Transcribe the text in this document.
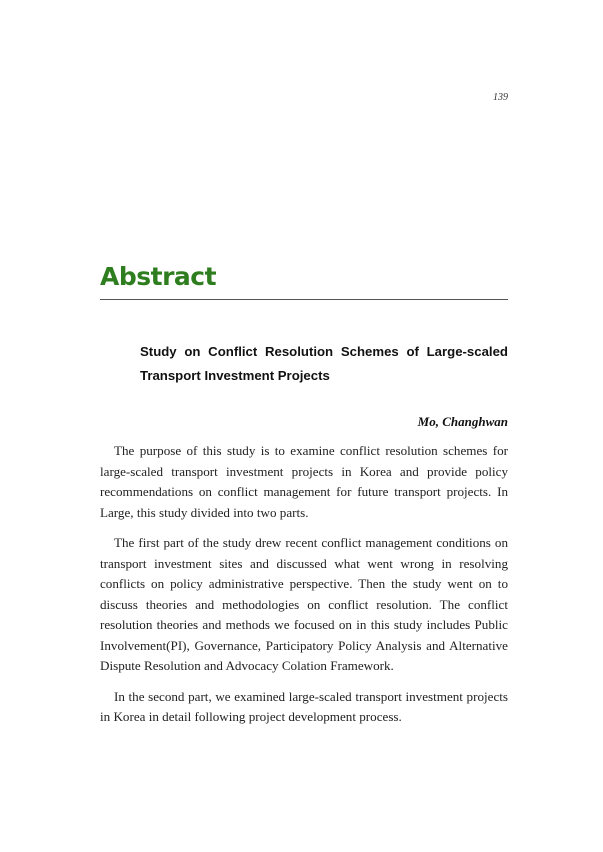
139
Abstract
Study on Conflict Resolution Schemes of Large-scaled
Transport Investment Projects
Mo, Changhwan

The purpose of this study is to examine conflict resolution schemes for large-scaled transport investment projects in Korea and provide policy recommendations on conflict management for future transport projects. In Large, this study divided into two parts.

The first part of the study drew recent conflict management conditions on transport investment sites and discussed what went wrong in resolving conflicts on policy administrative perspective. Then the study went on to discuss theories and methodologies on conflict resolution. The conflict resolution theories and methods we focused on in this study includes Public Involvement(PI), Governance, Participatory Policy Analysis and Alternative Dispute Resolution and Advocacy Colation Framework.

In the second part, we examined large-scaled transport investment projects in Korea in detail following project development process.
